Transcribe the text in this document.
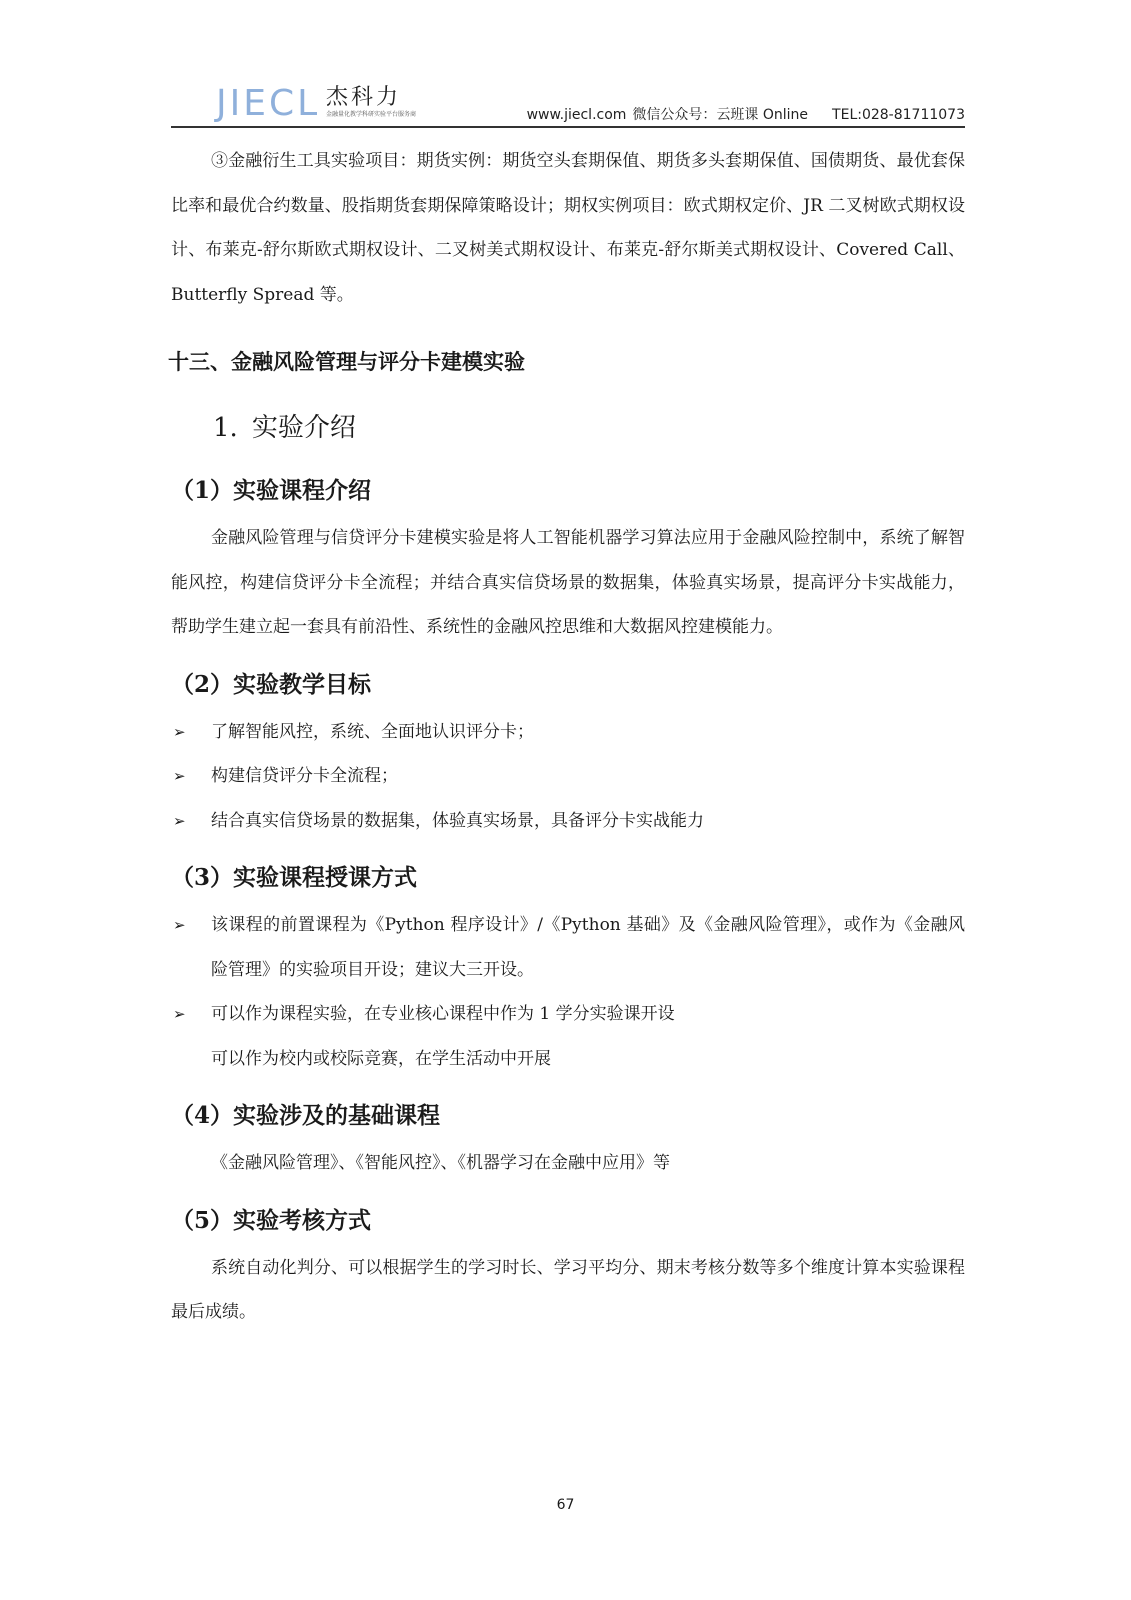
JIECL 杰科力
金融量化教学科研实验平台服务商	www.jiecl.com 微信公众号：云班课 Online TEL:028-81711073

③金融衍生工具实验项目：期货实例：期货空头套期保值、期货多头套期保值、国债期货、最优套保比率和最优合约数量、股指期货套期保障策略设计；期权实例项目：欧式期权定价、JR 二叉树欧式期权设计、布莱克-舒尔斯欧式期权设计、二叉树美式期权设计、布莱克-舒尔斯美式期权设计、Covered Call、Butterfly Spread 等。

十三、金融风险管理与评分卡建模实验
1. 实验介绍
（1）实验课程介绍

金融风险管理与信贷评分卡建模实验是将人工智能机器学习算法应用于金融风险控制中，系统了解智能风控，构建信贷评分卡全流程；并结合真实信贷场景的数据集，体验真实场景，提高评分卡实战能力，帮助学生建立起一套具有前沿性、系统性的金融风控思维和大数据风控建模能力。

（2）实验教学目标

➢ 了解智能风控，系统、全面地认识评分卡；

➢ 构建信贷评分卡全流程；

➢ 结合真实信贷场景的数据集，体验真实场景，具备评分卡实战能力

（3）实验课程授课方式

➢ 该课程的前置课程为《Python 程序设计》/《Python 基础》及《金融风险管理》，或作为《金融风险管理》的实验项目开设；建议大三开设。

➢ 可以作为课程实验，在专业核心课程中作为 1 学分实验课开设

可以作为校内或校际竞赛，在学生活动中开展

（4）实验涉及的基础课程

《金融风险管理》、《智能风控》、《机器学习在金融中应用》等

（5）实验考核方式

系统自动化判分、可以根据学生的学习时长、学习平均分、期末考核分数等多个维度计算本实验课程最后成绩。

67
